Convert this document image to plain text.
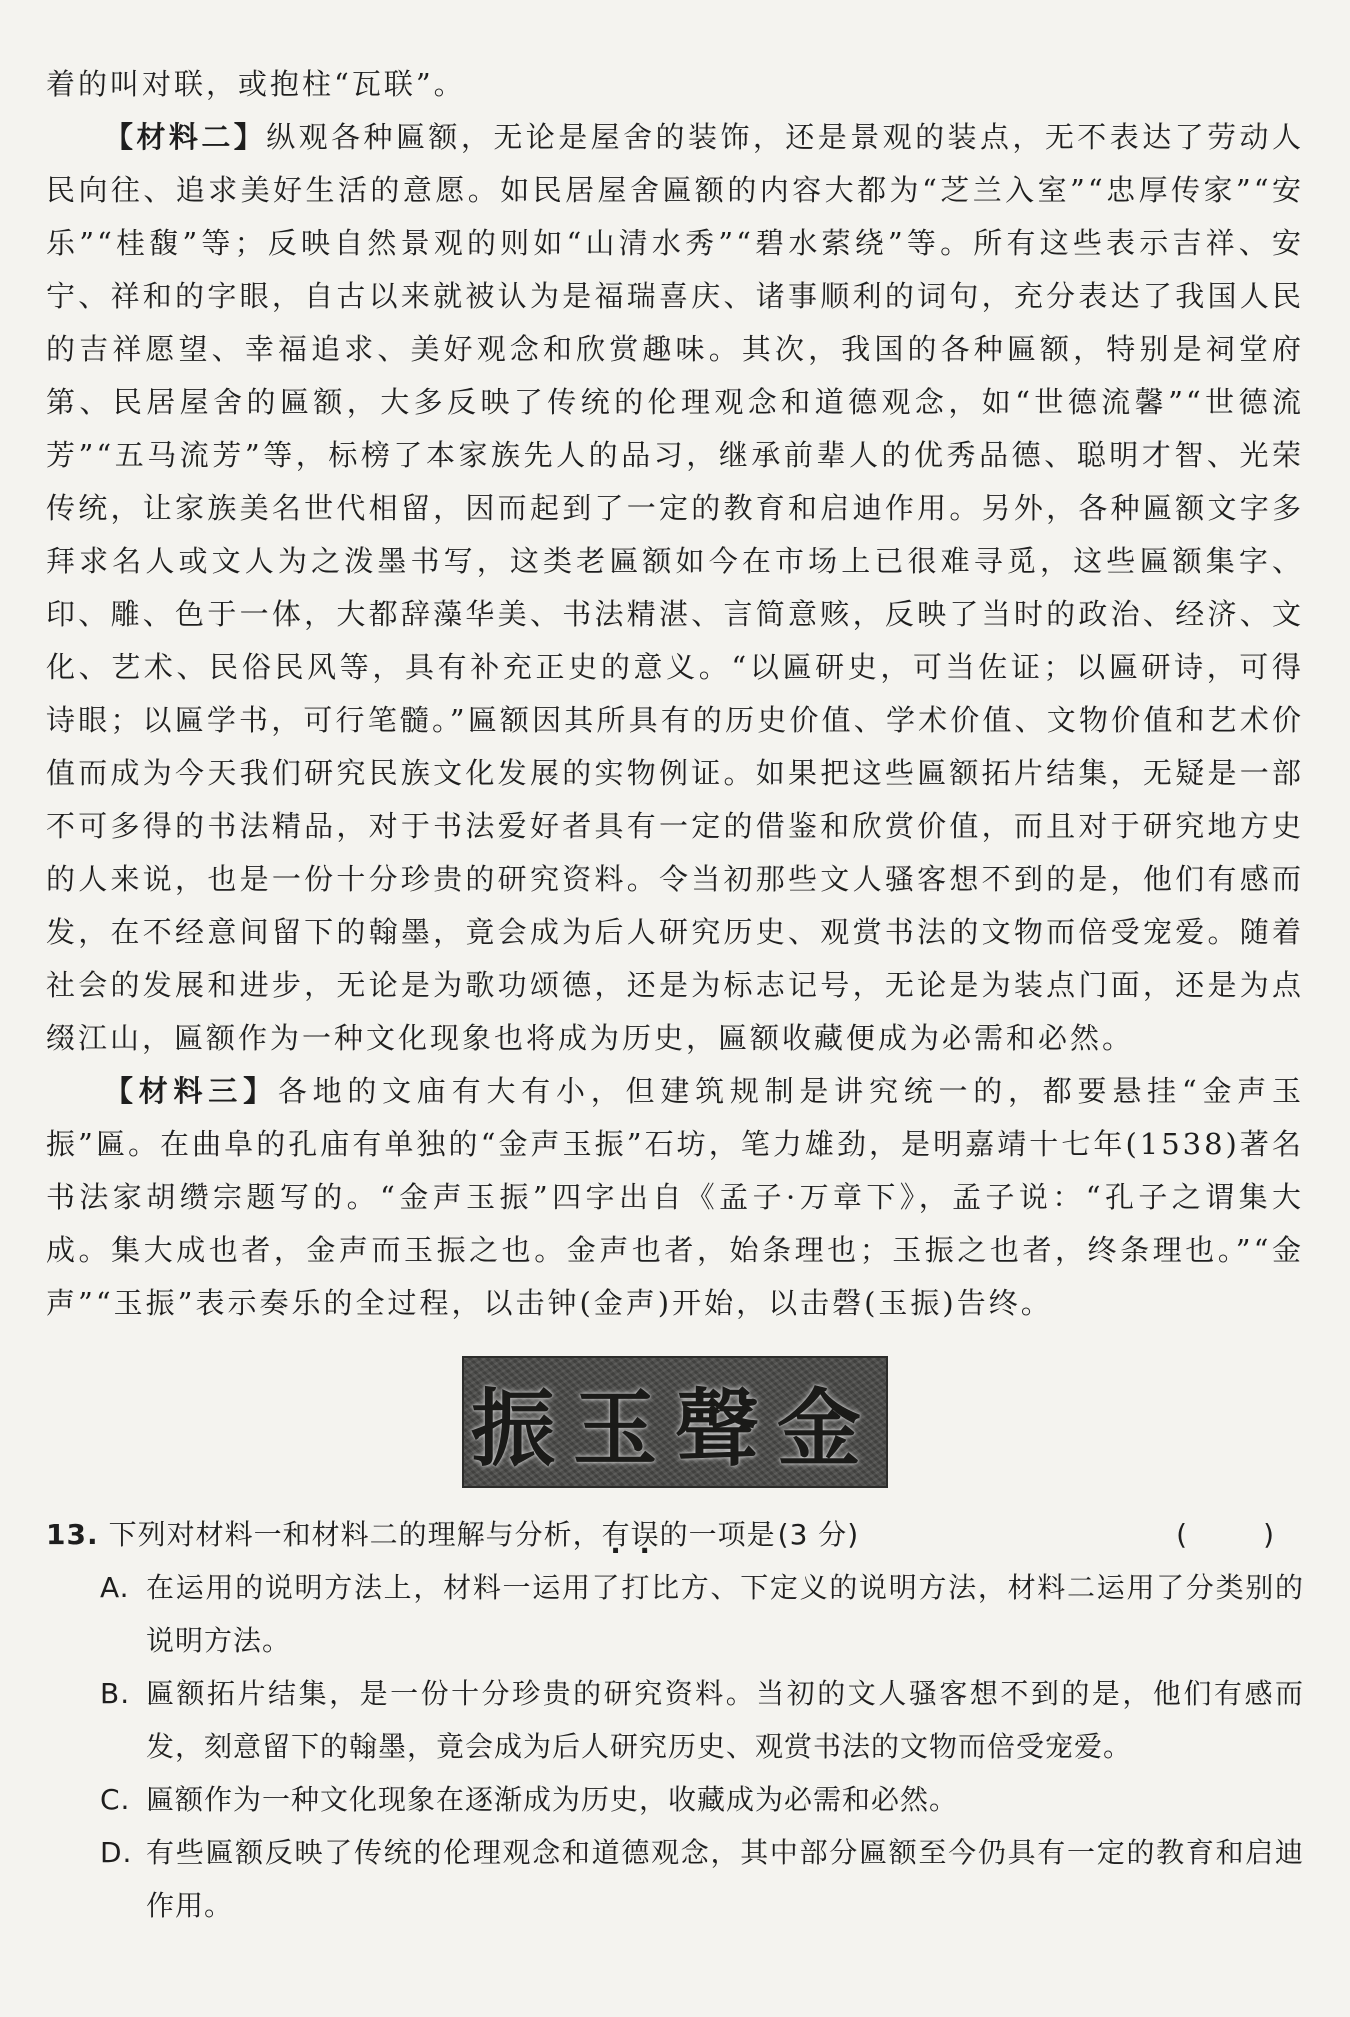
着的叫对联，或抱柱“瓦联”。

【材料二】纵观各种匾额，无论是屋舍的装饰，还是景观的装点，无不表达了劳动人民向往、追求美好生活的意愿。如民居屋舍匾额的内容大都为“芝兰入室”“忠厚传家”“安乐”“桂馥”等；反映自然景观的则如“山清水秀”“碧水萦绕”等。所有这些表示吉祥、安宁、祥和的字眼，自古以来就被认为是福瑞喜庆、诸事顺利的词句，充分表达了我国人民的吉祥愿望、幸福追求、美好观念和欣赏趣味。其次，我国的各种匾额，特别是祠堂府第、民居屋舍的匾额，大多反映了传统的伦理观念和道德观念，如“世德流馨”“世德流芳”“五马流芳”等，标榜了本家族先人的品习，继承前辈人的优秀品德、聪明才智、光荣传统，让家族美名世代相留，因而起到了一定的教育和启迪作用。另外，各种匾额文字多拜求名人或文人为之泼墨书写，这类老匾额如今在市场上已很难寻觅，这些匾额集字、印、雕、色于一体，大都辞藻华美、书法精湛、言简意赅，反映了当时的政治、经济、文化、艺术、民俗民风等，具有补充正史的意义。“以匾研史，可当佐证；以匾研诗，可得诗眼；以匾学书，可行笔髓。”匾额因其所具有的历史价值、学术价值、文物价值和艺术价值而成为今天我们研究民族文化发展的实物例证。如果把这些匾额拓片结集，无疑是一部不可多得的书法精品，对于书法爱好者具有一定的借鉴和欣赏价值，而且对于研究地方史的人来说，也是一份十分珍贵的研究资料。令当初那些文人骚客想不到的是，他们有感而发，在不经意间留下的翰墨，竟会成为后人研究历史、观赏书法的文物而倍受宠爱。随着社会的发展和进步，无论是为歌功颂德，还是为标志记号，无论是为装点门面，还是为点缀江山，匾额作为一种文化现象也将成为历史，匾额收藏便成为必需和必然。

【材料三】各地的文庙有大有小，但建筑规制是讲究统一的，都要悬挂“金声玉振”匾。在曲阜的孔庙有单独的“金声玉振”石坊，笔力雄劲，是明嘉靖十七年(1538)著名书法家胡缵宗题写的。“金声玉振”四字出自《孟子·万章下》，孟子说：“孔子之谓集大成。集大成也者，金声而玉振之也。金声也者，始条理也；玉振之也者，终条理也。”“金声”“玉振”表示奏乐的全过程，以击钟(金声)开始，以击磬(玉振)告终。

振玉聲金
13. 下列对材料一和材料二的理解与分析，有误的一项是(3 分)	(　)
A. 在运用的说明方法上，材料一运用了打比方、下定义的说明方法，材料二运用了分类别的说明方法。
B. 匾额拓片结集，是一份十分珍贵的研究资料。当初的文人骚客想不到的是，他们有感而发，刻意留下的翰墨，竟会成为后人研究历史、观赏书法的文物而倍受宠爱。
C. 匾额作为一种文化现象在逐渐成为历史，收藏成为必需和必然。
D. 有些匾额反映了传统的伦理观念和道德观念，其中部分匾额至今仍具有一定的教育和启迪作用。
